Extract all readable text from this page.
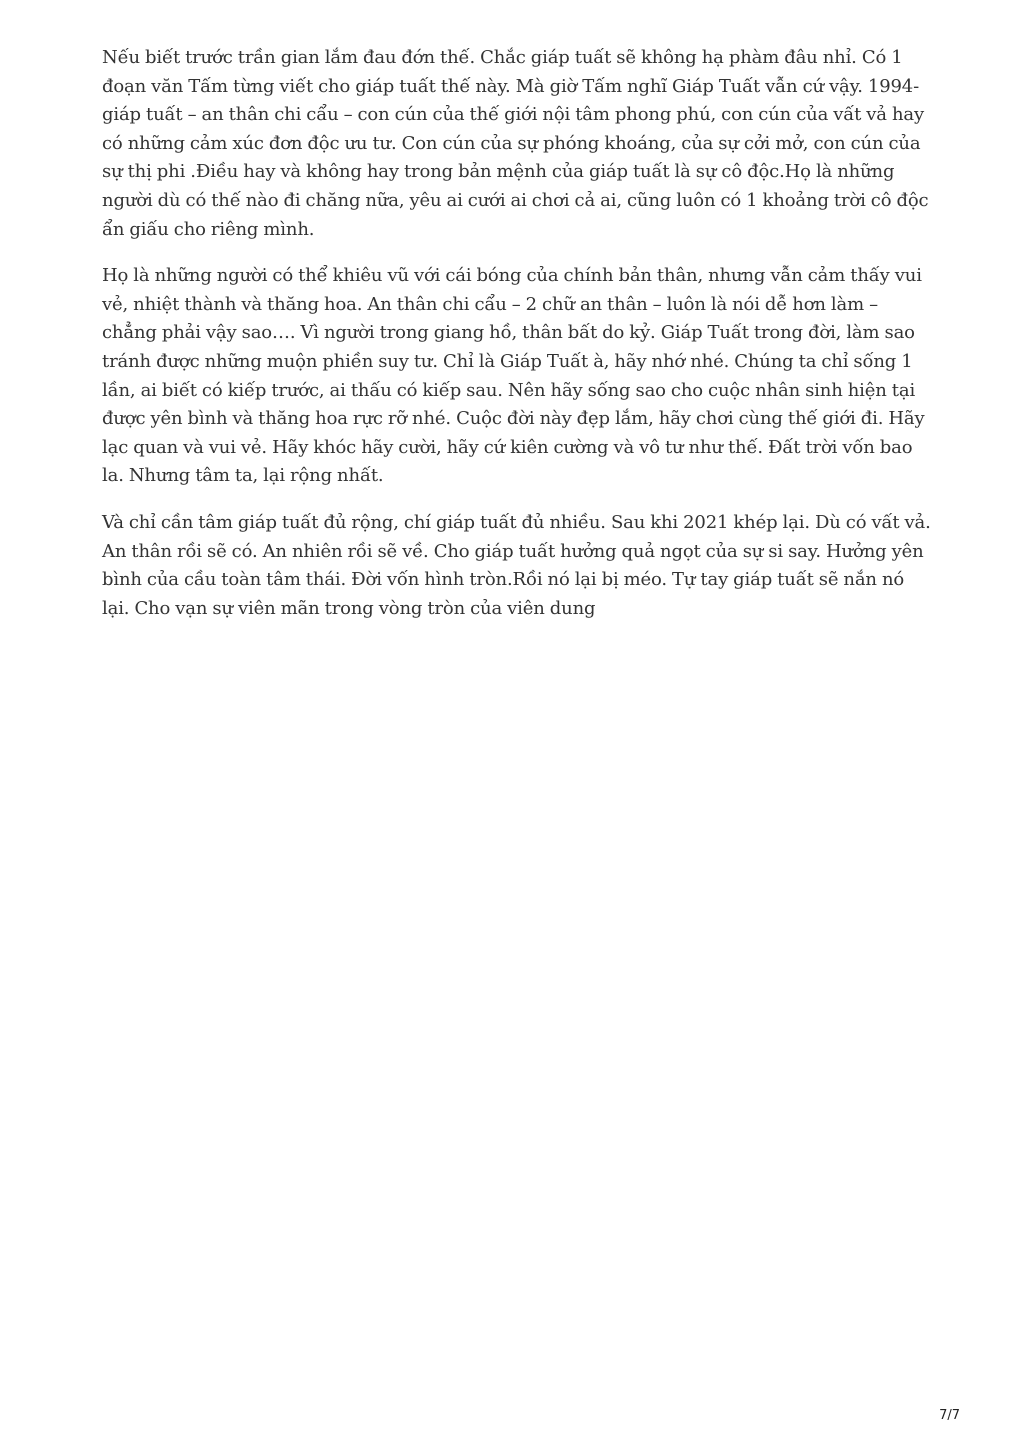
Nếu biết trước trần gian lắm đau đớn thế. Chắc giáp tuất sẽ không hạ phàm đâu nhỉ. Có 1 đoạn văn Tấm từng viết cho giáp tuất thế này. Mà giờ Tấm nghĩ Giáp Tuất vẫn cứ vậy. 1994-giáp tuất – an thân chi cẩu – con cún của thế giới nội tâm phong phú, con cún của vất vả hay có những cảm xúc đơn độc ưu tư. Con cún của sự phóng khoáng, của sự cởi mở, con cún của sự thị phi .Điều hay và không hay trong bản mệnh của giáp tuất là sự cô độc.Họ là những người dù có thế nào đi chăng nữa, yêu ai cưới ai chơi cả ai, cũng luôn có 1 khoảng trời cô độc ẩn giấu cho riêng mình.

Họ là những người có thể khiêu vũ với cái bóng của chính bản thân, nhưng vẫn cảm thấy vui vẻ, nhiệt thành và thăng hoa. An thân chi cẩu – 2 chữ an thân – luôn là nói dễ hơn làm – chẳng phải vậy sao…. Vì người trong giang hồ, thân bất do kỷ. Giáp Tuất trong đời, làm sao tránh được những muộn phiền suy tư. Chỉ là Giáp Tuất à, hãy nhớ nhé. Chúng ta chỉ sống 1 lần, ai biết có kiếp trước, ai thấu có kiếp sau. Nên hãy sống sao cho cuộc nhân sinh hiện tại được yên bình và thăng hoa rực rỡ nhé. Cuộc đời này đẹp lắm, hãy chơi cùng thế giới đi. Hãy lạc quan và vui vẻ. Hãy khóc hãy cười, hãy cứ kiên cường và vô tư như thế. Đất trời vốn bao la. Nhưng tâm ta, lại rộng nhất.

Và chỉ cần tâm giáp tuất đủ rộng, chí giáp tuất đủ nhiều. Sau khi 2021 khép lại. Dù có vất vả. An thân rồi sẽ có. An nhiên rồi sẽ về. Cho giáp tuất hưởng quả ngọt của sự si say. Hưởng yên bình của cầu toàn tâm thái. Đời vốn hình tròn.Rồi nó lại bị méo. Tự tay giáp tuất sẽ nắn nó lại. Cho vạn sự viên mãn trong vòng tròn của viên dung

7/7
